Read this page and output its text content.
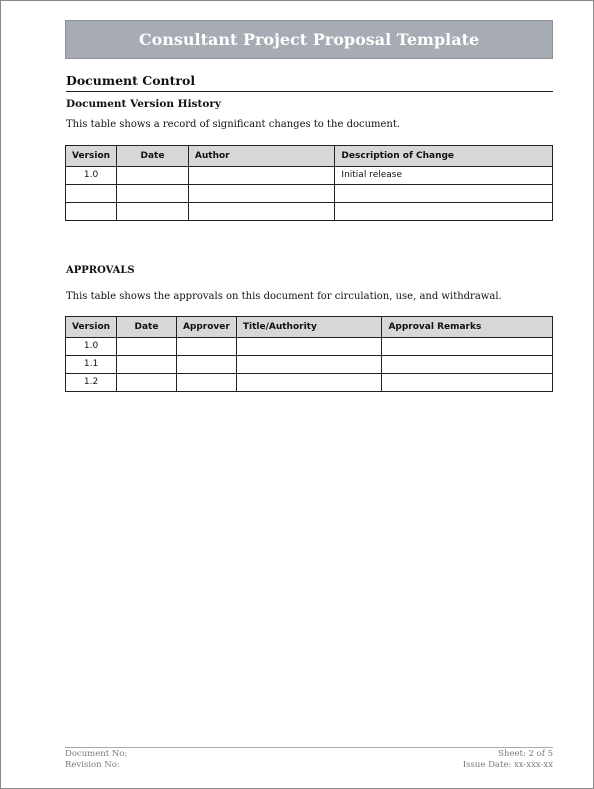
Consultant Project Proposal Template
Document Control
Document Version History
This table shows a record of significant changes to the document.
Version	Date	Author	Description of Change
1.0			Initial release

APPROVALS
This table shows the approvals on this document for circulation, use, and withdrawal.
Version	Date	Approver	Title/Authority	Approval Remarks
1.0				
1.1				
1.2				
Document No:
Revision No:
Sheet: 2 of 5
Issue Date: xx-xxx-xx
